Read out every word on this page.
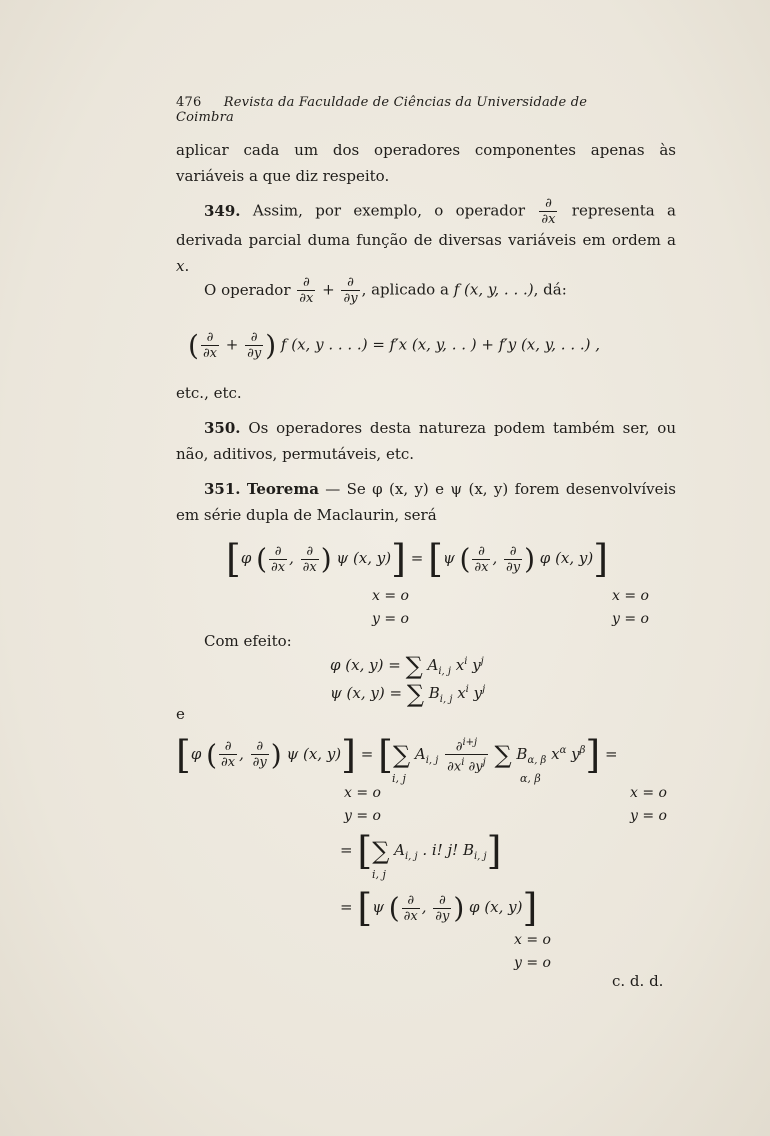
476 Revista da Faculdade de Ciências da Universidade de Coimbra
aplicar cada um dos operadores componentes apenas às variáveis a que diz respeito.
349. Assim, por exemplo, o operador $\frac{\partial}{\partial x}$ representa a derivada parcial duma função de diversas variáveis em ordem a x.
O operador $\frac{\partial}{\partial x} + \frac{\partial}{\partial y}$ , aplicado a f (x, y, . . .), dá:
( $\frac{\partial}{\partial x} + \frac{\partial}{\partial y}$ ) f (x, y . . . .) = f′x (x, y, . . ) + f′y (x, y, . . .) ,
etc., etc.
350. Os operadores desta natureza podem também ser, ou não, aditivos, permutáveis, etc.
351. Teorema — Se φ (x, y) e ψ (x, y) forem desenvolvíveis em série dupla de Maclaurin, será
[φ ( $\frac{\partial}{\partial x}$ , $\frac{\partial}{\partial x}$ ) ψ (x, y)] = [ψ ( $\frac{\partial}{\partial x}$ , $\frac{\partial}{\partial y}$ ) φ (x, y)]
x = o
y = o
x = o
y = o
Com efeito:
φ (x, y) = ∑ $A_{i, j}$ $x^i$ $y^j$
ψ (x, y) = ∑ $B_{i, j}$ $x^i$ $y^j$
e
[φ ( $\frac{\partial}{\partial x}$ , $\frac{\partial}{\partial y}$ ) ψ (x, y)] = [∑ $A_{i, j} \frac{\partial^{i+j}}{\partial x^i \partial y^j}$ ∑ $B_{\alpha, \beta}$ $x^\alpha$ $y^\beta$] =
i, j	α, β
x = o
y = o
x = o
y = o
= [∑ $A_{i, j}$ . i! j! $B_{i, j}$]
i, j
= [ψ ( $\frac{\partial}{\partial x}$ , $\frac{\partial}{\partial y}$ ) φ (x, y)]
x = o
y = o
c. d. d.
